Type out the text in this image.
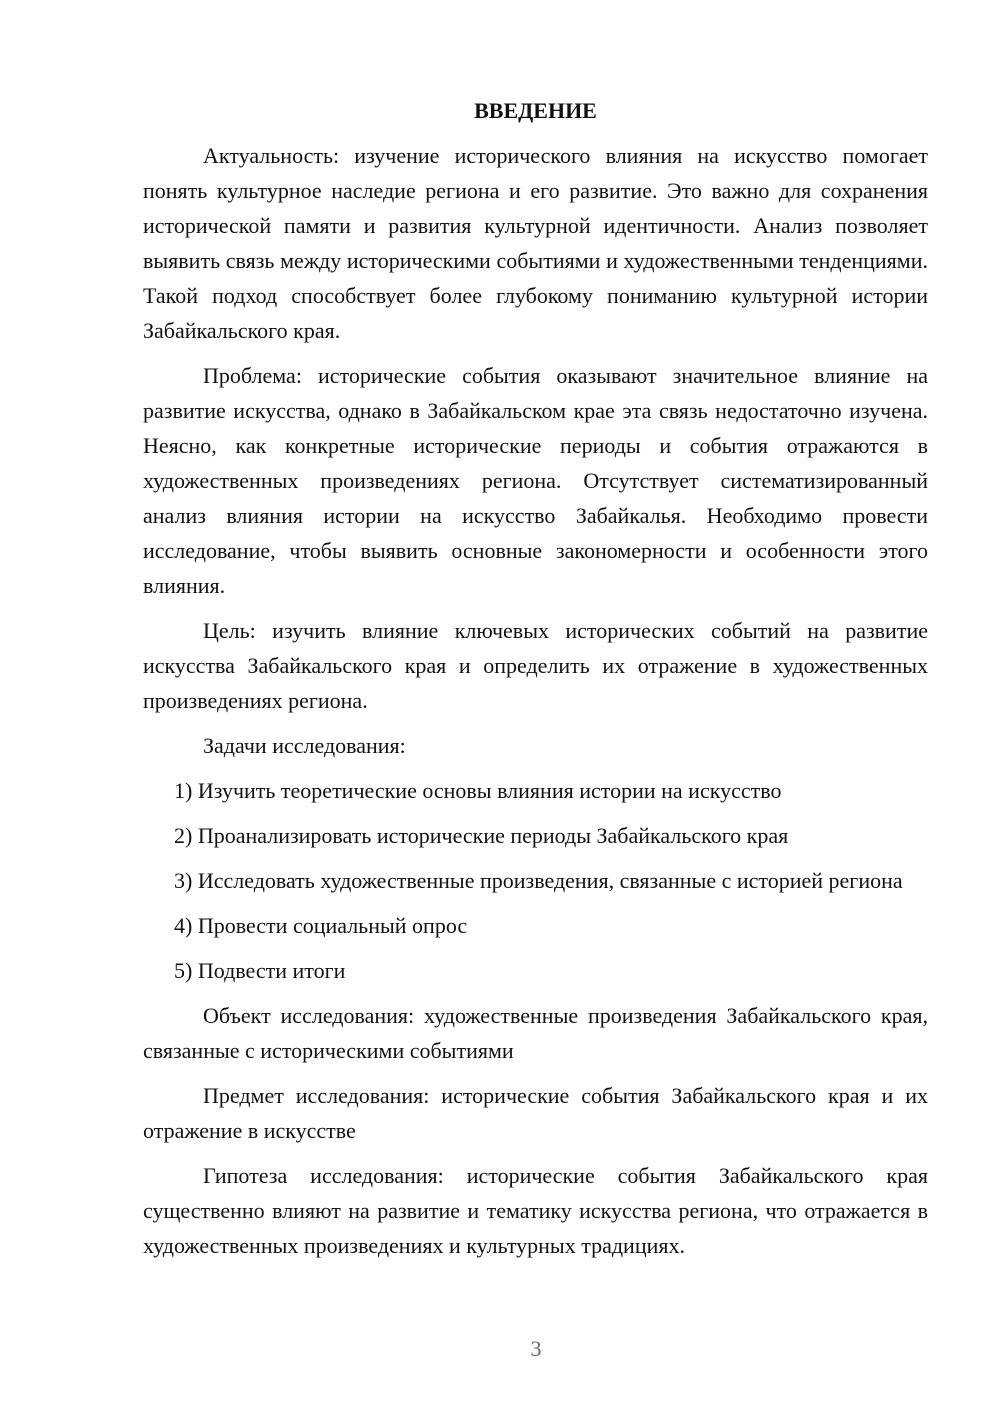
ВВЕДЕНИЕ

Актуальность: изучение исторического влияния на искусство помогает понять культурное наследие региона и его развитие. Это важно для сохранения исторической памяти и развития культурной идентичности. Анализ позволяет выявить связь между историческими событиями и художественными тенденциями. Такой подход способствует более глубокому пониманию культурной истории Забайкальского края.

Проблема: исторические события оказывают значительное влияние на развитие искусства, однако в Забайкальском крае эта связь недостаточно изучена. Неясно, как конкретные исторические периоды и события отражаются в художественных произведениях региона. Отсутствует систематизированный анализ влияния истории на искусство Забайкалья. Необходимо провести исследование, чтобы выявить основные закономерности и особенности этого влияния.

Цель: изучить влияние ключевых исторических событий на развитие искусства Забайкальского края и определить их отражение в художественных произведениях региона.

Задачи исследования:

1) Изучить теоретические основы влияния истории на искусство

2) Проанализировать исторические периоды Забайкальского края

3) Исследовать художественные произведения, связанные с историей региона

4) Провести социальный опрос

5) Подвести итоги

Объект исследования: художественные произведения Забайкальского края, связанные с историческими событиями

Предмет исследования: исторические события Забайкальского края и их отражение в искусстве

Гипотеза исследования: исторические события Забайкальского края существенно влияют на развитие и тематику искусства региона, что отражается в художественных произведениях и культурных традициях.

3
